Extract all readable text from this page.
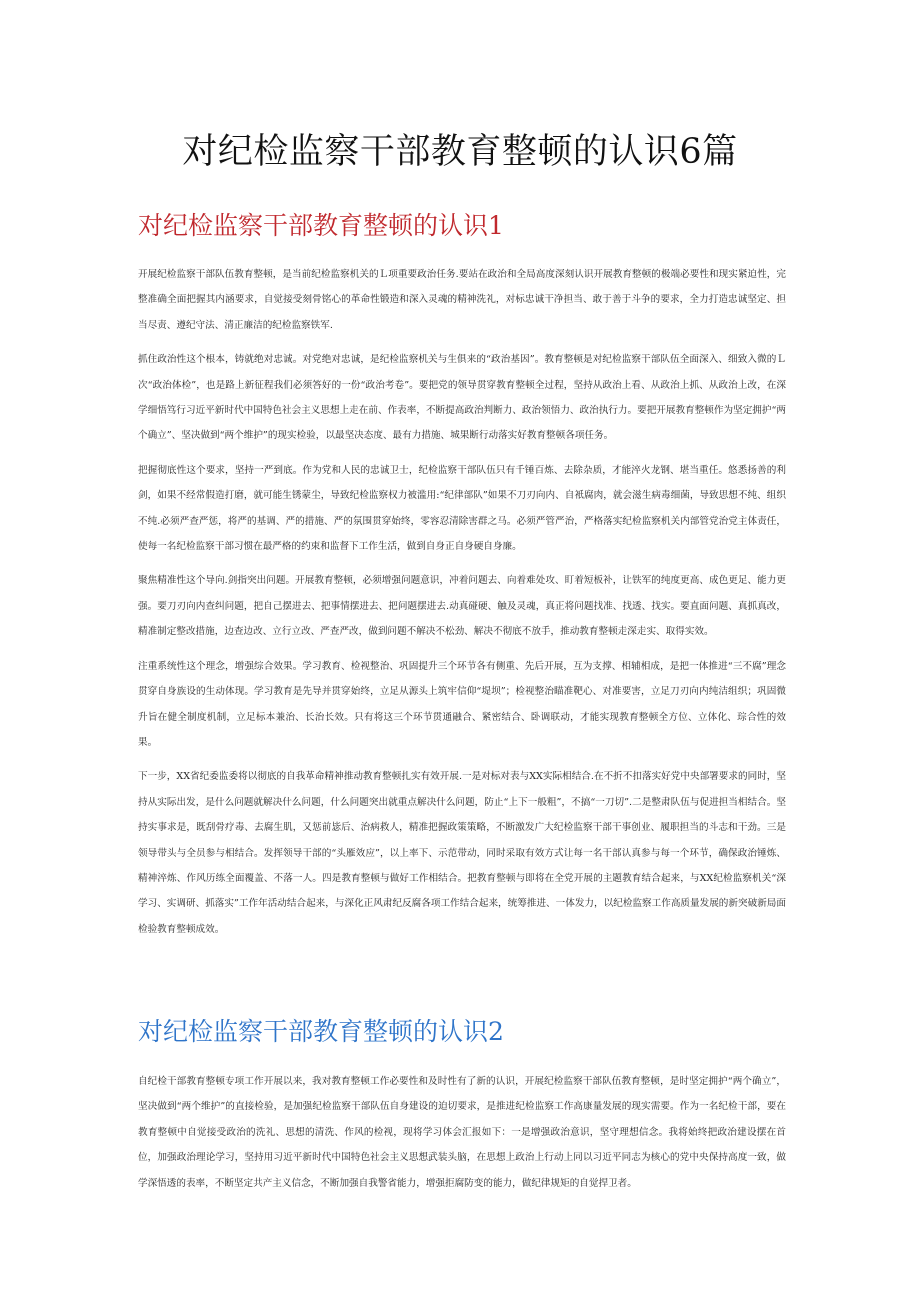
对纪检监察干部教育整顿的认识6篇
对纪检监察干部教育整顿的认识1

开展纪检监察干部队伍教育整顿，是当前纪检监察机关的Ｌ项重要政治任务.要站在政治和全局高度深刻认识开展教育整顿的极端必要性和现实紧迫性，完整准确全面把握其内涵要求，自觉接受刻骨铭心的革命性锻造和深入灵魂的精神洗礼，对标忠诚干净担当、敢于善于斗争的要求，全力打造忠诚坚定、担当尽责、遵纪守法、清正廉洁的纪检监察铁军.

抓住政治性这个根本，铸就绝对忠诚。对党绝对忠诚，是纪检监察机关与生俱来的“政治基因”。教育整顿是对纪检监察干部队伍全面深入、细致入微的Ｌ次“政治体检”，也是路上新征程我们必须答好的一份“政治考卷”。要把党的领导贯穿教育整顿全过程，坚持从政治上看、从政治上抓、从政治上改，在深学细悟笃行习近平新时代中国特色社会主义思想上走在前、作表率，不断提高政治判断力、政治领悟力、政治执行力。要把开展教育整顿作为坚定拥护“两个确立”、坚决做到“两个维护”的现实检验，以最坚决态度、最有力措施、城果断行动落实好教育整顿各项任务。

把握彻底性这个要求，坚持一严到底。作为党和人民的忠诚卫士，纪检监察干部队伍只有千锤百炼、去除杂质，才能淬火龙钢、堪当重任。悠悉扬善的利剑，如果不经常假造打磨，就可能生锈蒙尘，导致纪检监察权力被滥用:“纪律部队”如果不刀刃向内、自衹腐肉，就会滋生病毒细菌，导致思想不纯、组织不纯.必须严查严惩，将严的基调、严的措施、严的氛围贯穿始终，零容忍清除害群之马。必须严管严治，严格落实纪检监察机关内部管党治党主体责任，使每一名纪检监察干部习惯在最严格的约束和监督下工作生活，做到自身正自身硬自身廉。

聚焦精准性这个导向.剑指突出问题。开展教育整顿，必须增强问题意识，冲着问题去、向着难处攻、盯着短板补，让铁军的纯度更高、成色更足、能力更强。要刀刃向内查纠问题，把自己摆进去、把事情摆进去、把问题摆进去.动真碰硬、触及灵魂，真正将问题找准、找透、找实。要直面问题、真抓真改，精准制定整改措施，边查边改、立行立改、严查严改，做到问题不解决不松劲、解决不彻底不放手，推动教育整顿走深走实、取得实效。

注重系统性这个理念，增强综合效果。学习教育、检视整治、巩固提升三个环节各有侧重、先后开展，互为支撑、相辅相成，是把一体推进“三不腐”理念贯穿自身族设的生动体现。学习教育是先导并贯穿始终，立足从源头上筑牢信仰“堤坝”；检视整治瞄准靶心、对准要害，立足刀刃向内纯洁组织；巩固微升旨在健全制度机制，立足标本兼治、长治长效。只有将这三个环节贯通融合、紧密结合、卧调联动，才能实现教育整顿全方位、立体化、琮合性的效果。

下一步，XX省纪委监委将以彻底的自我革命精神推动教育整顿扎实有效开展.一是对标对表与XX实际相结合.在不折不扣落实好党中央部署要求的同时，坚持从实际出发，是什么问题就解决什么问题，什么问题突出就重点解决什么问题，防止“上下一般粗”，不搞“一刀切”.二是整肃队伍与促进担当相结合。坚持实事求是，既刮骨疗毒、去腐生肌，又惩前毖后、治病救人，精准把握政策策略，不断激发广大纪检监察干部干事创业、履职担当的斗志和干劲。三是领导带头与全员参与相结合。发挥领导干部的“头雁效应”，以上率下、示范带动，同时采取有效方式让每一名干部认真参与每一个环节，确保政治锤炼、精神淬炼、作风历练全面覆盖、不落一人。四是教育整顿与做好工作相结合。把教育整顿与即将在全党开展的主题教育结合起来，与XX纪检监察机关“深学习、实调研、抓落实”工作年活动结合起来，与深化正风肃纪反腐各项工作结合起来，统筹推进、一体发力，以纪检监察工作高质量发展的新突破新局面检验教育整顿成效。

对纪检监察干部教育整顿的认识2

自纪检干部教育整顿专项工作开展以来，我对教育整顿工作必要性和及时性有了新的认识，开展纪检监察干部队伍教育整顿，是时坚定拥护“两个确立”，坚决做到“两个维护”的直接检验，是加强纪检监察干部队伍自身建设的迫切要求，是推进纪检监察工作高康量发展的现实需要。作为一名纪检干部，要在教育整顿中自觉接受政治的洗礼、思想的清洗、作风的检视，现将学习体会汇报如下：一是增强政治意识，坚守理想信念。我将始终把政治建设摆在首位，加强政治理论学习，坚持用习近平新时代中国特色社会主义思想武装头脑，在思想上政治上行动上同以习近平同志为核心的党中央保持高度一致，做学深悟透的表率，不断坚定共产主义信念，不断加强自我警省能力，增强拒腐防变的能力，做纪律规矩的自觉捍卫者。
